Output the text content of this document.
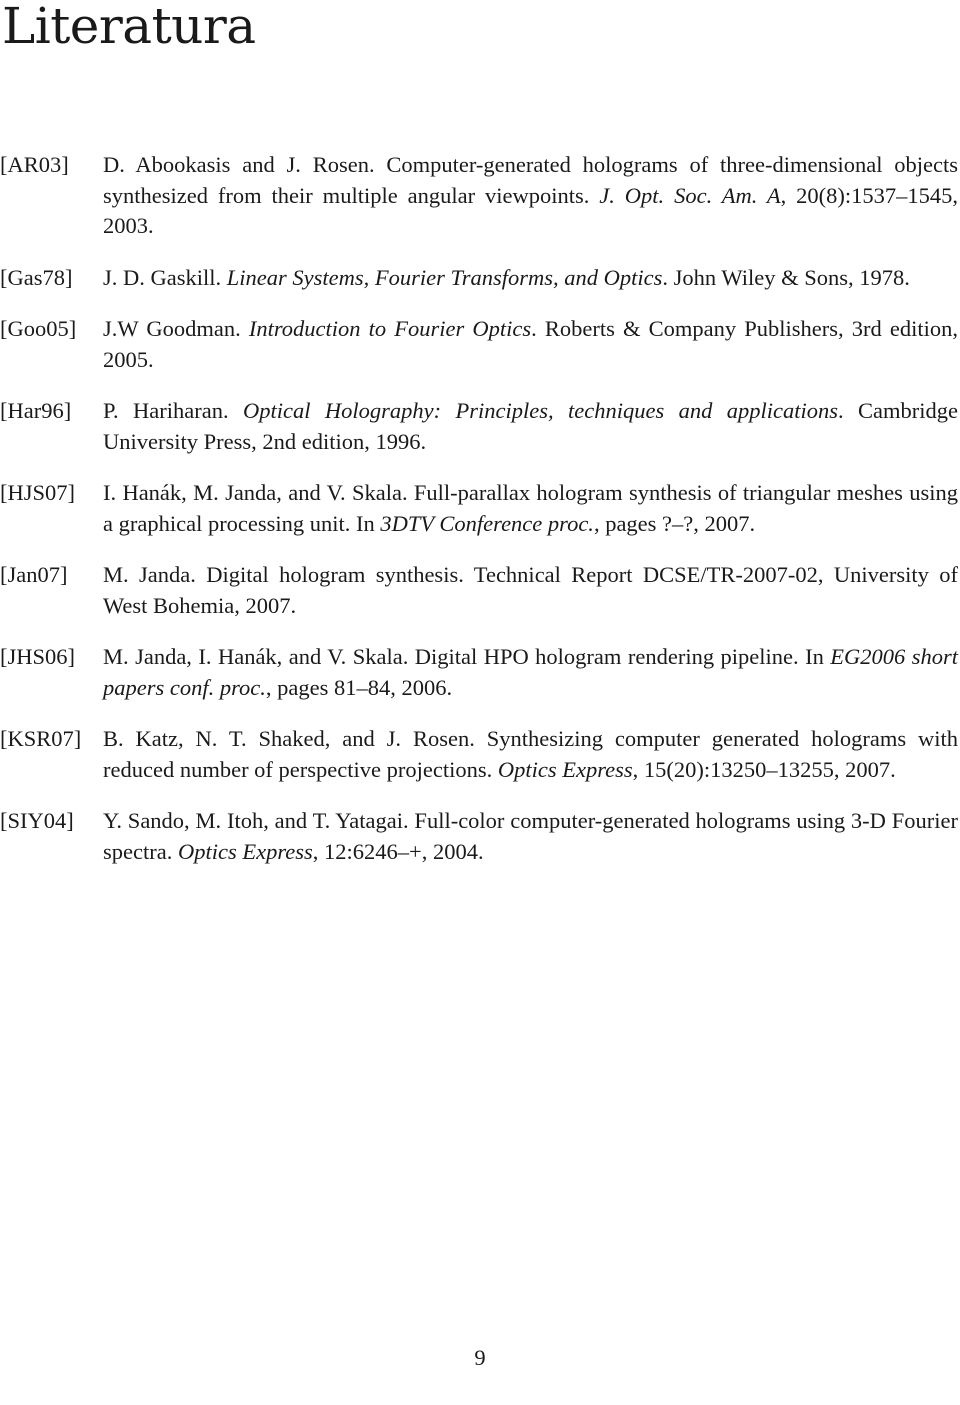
Literatura
[AR03]	D. Abookasis and J. Rosen. Computer-generated holograms of three-dimensional objects synthesized from their multiple angular viewpoints. J. Opt. Soc. Am. A, 20(8):1537–1545, 2003.
[Gas78]	J. D. Gaskill. Linear Systems, Fourier Transforms, and Optics. John Wiley & Sons, 1978.
[Goo05]	J.W Goodman. Introduction to Fourier Optics. Roberts & Company Publishers, 3rd edition, 2005.
[Har96]	P. Hariharan. Optical Holography: Principles, techniques and applications. Cambridge University Press, 2nd edition, 1996.
[HJS07]	I. Hanák, M. Janda, and V. Skala. Full-parallax hologram synthesis of triangular meshes using a graphical processing unit. In 3DTV Conference proc., pages ?–?, 2007.
[Jan07]	M. Janda. Digital hologram synthesis. Technical Report DCSE/TR-2007-02, University of West Bohemia, 2007.
[JHS06]	M. Janda, I. Hanák, and V. Skala. Digital HPO hologram rendering pipeline. In EG2006 short papers conf. proc., pages 81–84, 2006.
[KSR07] B. Katz, N. T. Shaked, and J. Rosen. Synthesizing computer generated holograms with reduced number of perspective projections. Optics Express, 15(20):13250–13255, 2007.
[SIY04]	Y. Sando, M. Itoh, and T. Yatagai. Full-color computer-generated holograms using 3-D Fourier spectra. Optics Express, 12:6246–+, 2004.
9
